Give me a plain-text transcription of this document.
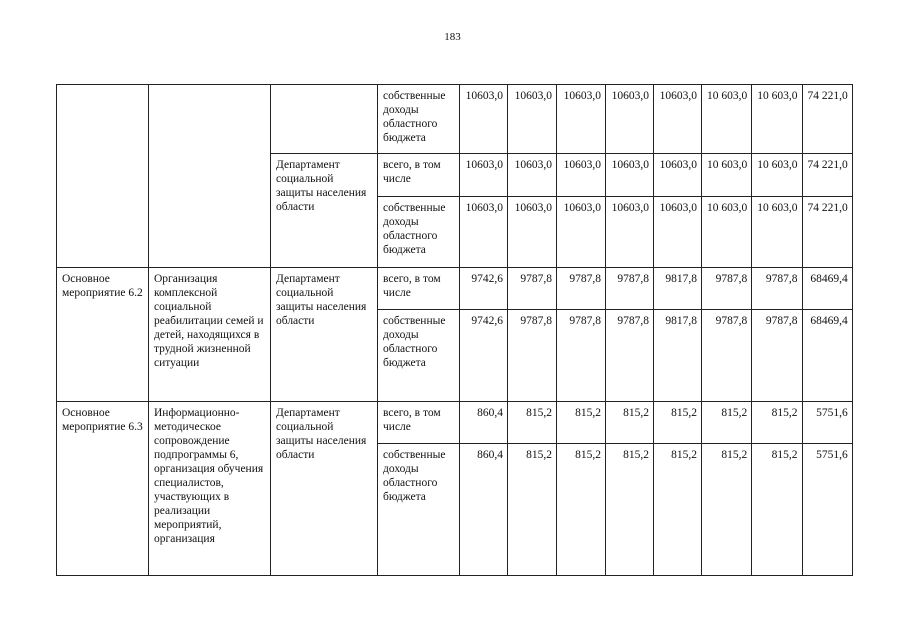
183
			собственные доходы областного бюджета	10603,0	10603,0	10603,0	10603,0	10603,0	10 603,0	10 603,0	74 221,0
		Департамент социальной защиты населения области	всего, в том числе	10603,0	10603,0	10603,0	10603,0	10603,0	10 603,0	10 603,0	74 221,0
			собственные доходы областного бюджета	10603,0	10603,0	10603,0	10603,0	10603,0	10 603,0	10 603,0	74 221,0
Основное мероприятие 6.2	Организация комплексной социальной реабилитации семей и детей, находящихся в трудной жизненной ситуации	Департамент социальной защиты населения области	всего, в том числе	9742,6	9787,8	9787,8	9787,8	9817,8	9787,8	9787,8	68469,4
			собственные доходы областного бюджета	9742,6	9787,8	9787,8	9787,8	9817,8	9787,8	9787,8	68469,4
Основное мероприятие 6.3	Информационно-методическое сопровождение подпрограммы 6, организация обучения специалистов, участвующих в реализации мероприятий, организация	Департамент социальной защиты населения области	всего, в том числе	860,4	815,2	815,2	815,2	815,2	815,2	815,2	5751,6
			собственные доходы областного бюджета	860,4	815,2	815,2	815,2	815,2	815,2	815,2	5751,6
